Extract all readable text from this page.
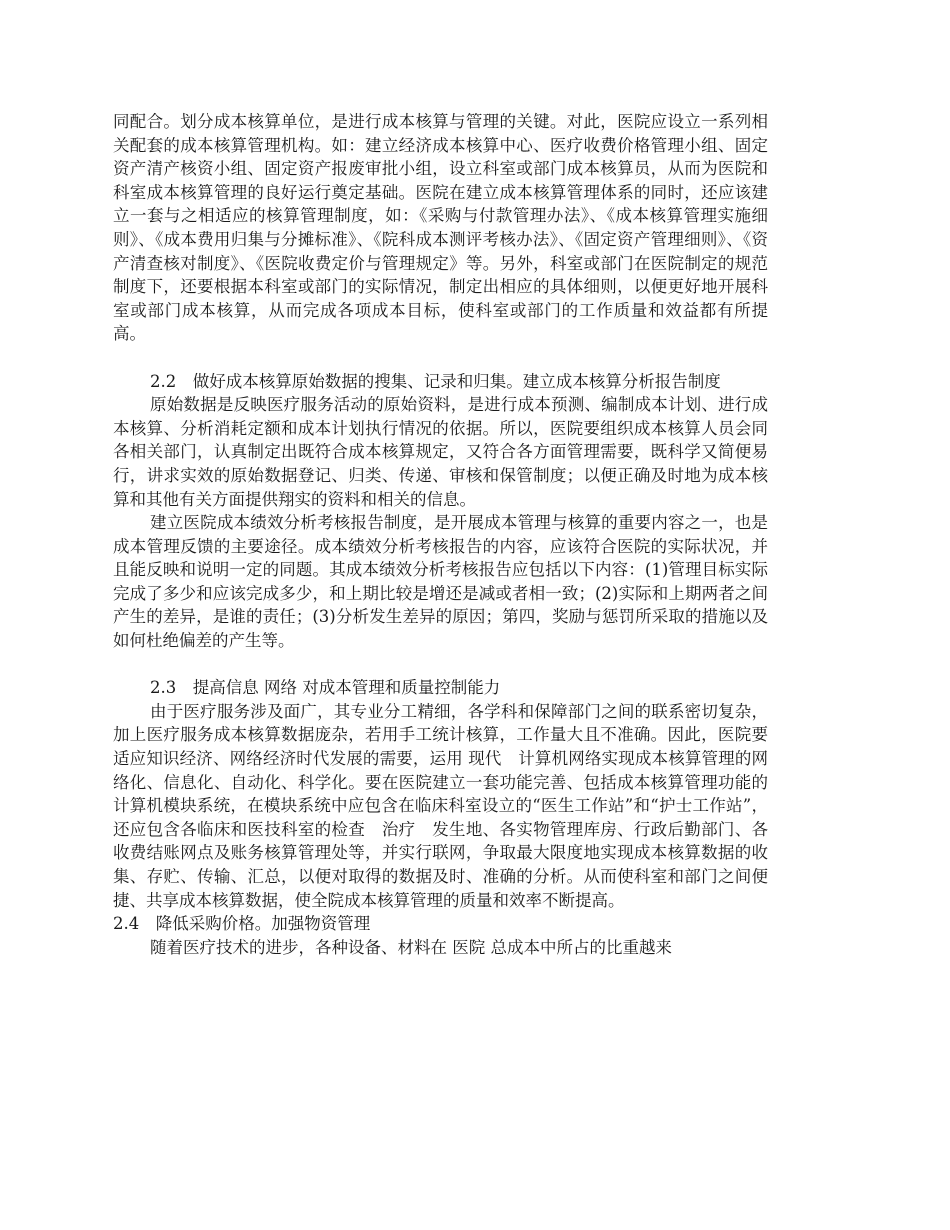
同配合。划分成本核算单位，是进行成本核算与管理的关键。对此，医院应设立一系列相关配套的成本核算管理机构。如：建立经济成本核算中心、医疗收费价格管理小组、固定资产清产核资小组、固定资产报废审批小组，设立科室或部门成本核算员，从而为医院和科室成本核算管理的良好运行奠定基础。医院在建立成本核算管理体系的同时，还应该建立一套与之相适应的核算管理制度，如：《采购与付款管理办法》、《成本核算管理实施细则》、《成本费用归集与分摊标准》、《院科成本测评考核办法》、《固定资产管理细则》、《资产清查核对制度》、《医院收费定价与管理规定》等。另外，科室或部门在医院制定的规范制度下，还要根据本科室或部门的实际情况，制定出相应的具体细则，以便更好地开展科室或部门成本核算，从而完成各项成本目标，使科室或部门的工作质量和效益都有所提高。

2.2　做好成本核算原始数据的搜集、记录和归集。建立成本核算分析报告制度

原始数据是反映医疗服务活动的原始资料，是进行成本预测、编制成本计划、进行成本核算、分析消耗定额和成本计划执行情况的依据。所以，医院要组织成本核算人员会同各相关部门，认真制定出既符合成本核算规定，又符合各方面管理需要，既科学又简便易行，讲求实效的原始数据登记、归类、传递、审核和保管制度；以便正确及时地为成本核算和其他有关方面提供翔实的资料和相关的信息。

建立医院成本绩效分析考核报告制度，是开展成本管理与核算的重要内容之一，也是成本管理反馈的主要途径。成本绩效分析考核报告的内容，应该符合医院的实际状况，并且能反映和说明一定的同题。其成本绩效分析考核报告应包括以下内容：(1)管理目标实际完成了多少和应该完成多少，和上期比较是增还是减或者相一致；(2)实际和上期两者之间产生的差异，是谁的责任；(3)分析发生差异的原因；第四，奖励与惩罚所采取的措施以及如何杜绝偏差的产生等。

2.3　提高信息 网络 对成本管理和质量控制能力

由于医疗服务涉及面广，其专业分工精细，各学科和保障部门之间的联系密切复杂，加上医疗服务成本核算数据庞杂，若用手工统计核算，工作量大且不准确。因此，医院要适应知识经济、网络经济时代发展的需要，运用 现代　计算机网络实现成本核算管理的网络化、信息化、自动化、科学化。要在医院建立一套功能完善、包括成本核算管理功能的计算机模块系统，在模块系统中应包含在临床科室设立的“医生工作站”和“护士工作站”，还应包含各临床和医技科室的检查　治疗　发生地、各实物管理库房、行政后勤部门、各收费结账网点及账务核算管理处等，并实行联网，争取最大限度地实现成本核算数据的收集、存贮、传输、汇总，以便对取得的数据及时、准确的分析。从而使科室和部门之间便捷、共享成本核算数据，使全院成本核算管理的质量和效率不断提高。

2.4　降低采购价格。加强物资管理

随着医疗技术的进步，各种设备、材料在 医院 总成本中所占的比重越来
